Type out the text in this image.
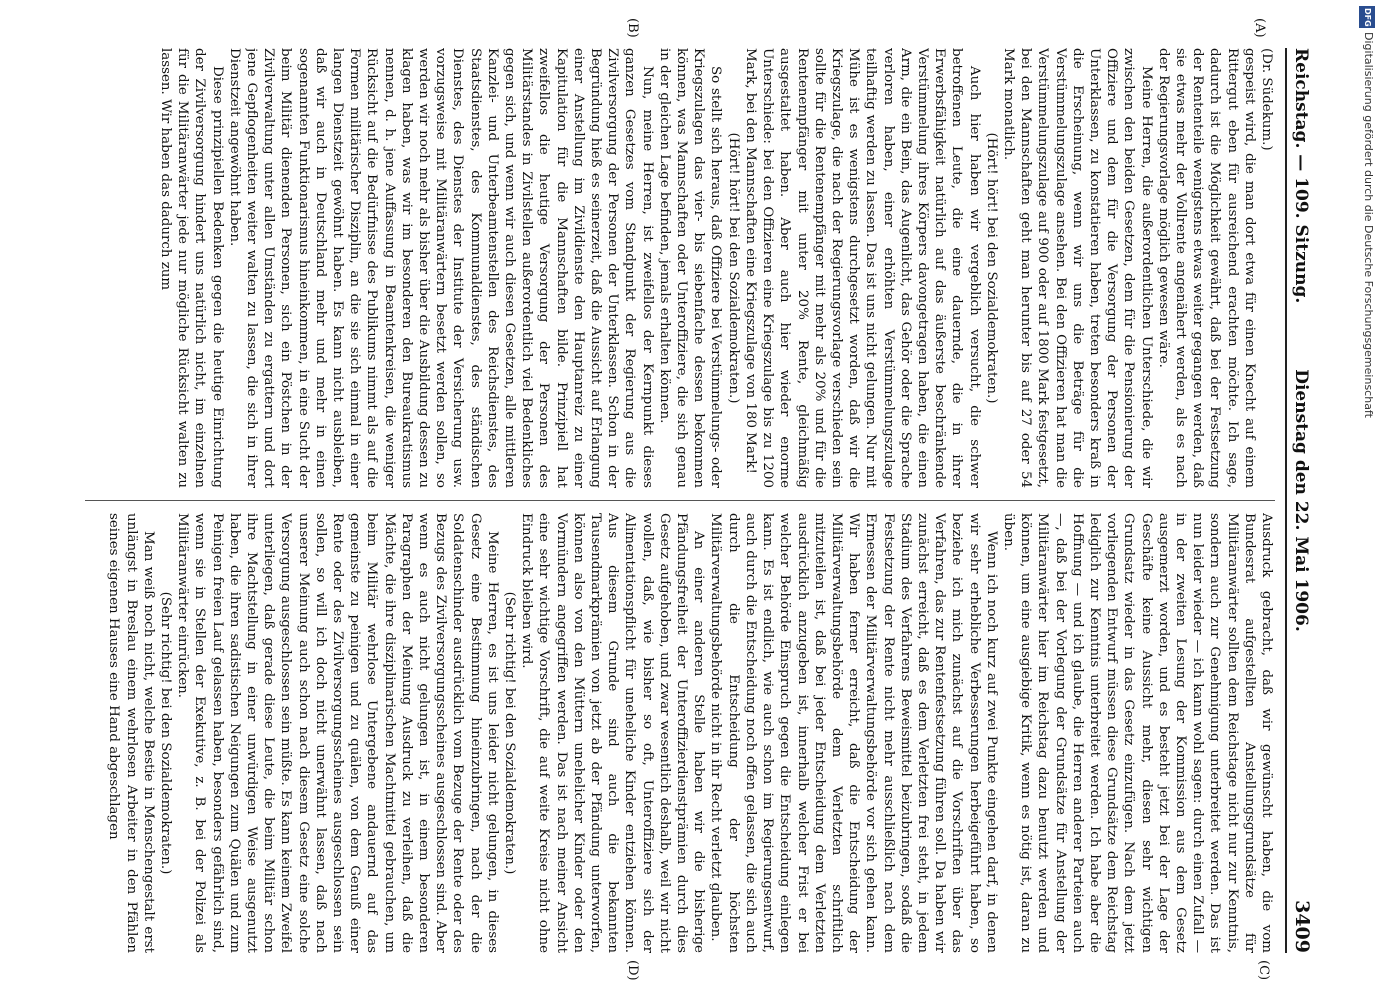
Reichstag. — 109. Sitzung.
Dienstag den 22. Mai 1906.
3409
(A)
(B)
(C)
(D)

(Dr. Südekum.)

gespeist wird, die man dort etwa für einen Knecht auf einem Rittergut eben für ausreichend erachten möchte. Ich sage, dadurch ist die Möglichkeit gewährt, daß bei der Festsetzung der Rententeile wenigstens etwas weiter gegangen werden, daß sie etwas mehr der Vollrente angenähert werden, als es nach der Regierungsvorlage möglich gewesen wäre.

Meine Herren, die außerordentlichen Unterschiede, die wir zwischen den beiden Gesetzen, dem für die Pensionierung der Offiziere und dem für die Versorgung der Personen der Unterklassen, zu konstatieren haben, treten besonders kraß in die Erscheinung, wenn wir uns die Beträge für die Verstümmelungszulage ansehen. Bei den Offizieren hat man die Verstümmelungszulage auf 900 oder auf 1800 Mark festgesetzt, bei den Mannschaften geht man herunter bis auf 27 oder 54 Mark monatlich.

(Hört! hört! bei den Sozialdemokraten.)

Auch hier haben wir vergeblich versucht, die schwer betroffenen Leute, die eine dauernde, die in ihrer Erwerbsfähigkeit natürlich auf das äußerste beschränkende Verstümmelung ihres Körpers davongetragen haben, die einen Arm, die ein Bein, das Augenlicht, das Gehör oder die Sprache verloren haben, einer erhöhten Verstümmelungszulage teilhaftig werden zu lassen. Das ist uns nicht gelungen. Nur mit Mühe ist es wenigstens durchgesetzt worden, daß wir die Kriegszulage, die nach der Regierungsvorlage verschieden sein sollte für die Rentenempfänger mit mehr als 20% und für die Rentenempfänger mit unter 20% Rente, gleichmäßig ausgestaltet haben. Aber auch hier wieder enorme Unterschiede: bei den Offizieren eine Kriegszulage bis zu 1200 Mark, bei den Mannschaften eine Kriegszulage von 180 Mark!

(Hört! hört! bei den Sozialdemokraten.)

So stellt sich heraus, daß Offiziere bei Verstümmelungs- oder Kriegszulagen das vier- bis siebenfache dessen bekommen können, was Mannschaften oder Unteroffiziere, die sich genau in der gleichen Lage befinden, jemals erhalten können.

Nun, meine Herren, ist zweifellos der Kernpunkt dieses ganzen Gesetzes vom Standpunkt der Regierung aus die Zivilversorgung der Personen der Unterklassen. Schon in der Begründung hieß es seinerzeit, daß die Aussicht auf Erlangung einer Anstellung im Zivildienste den Hauptanreiz zu einer Kapitulation für die Mannschaften bilde. Prinzipiell hat zweifellos die heutige Versorgung der Personen des Militärstandes in Zivilstellen außerordentlich viel Bedenkliches gegen sich, und wenn wir auch diesen Gesetzen, alle mittleren Kanzlei- und Unterbeamtenstellen des Reichsdienstes, des Staatsdienstes, des Kommunaldienstes, des ständischen Dienstes, des Dienstes der Institute der Versicherung usw. vorzugsweise mit Militäranwärtern besetzt werden sollen, so werden wir noch mehr als bisher über die Ausbildung dessen zu klagen haben, was wir im besonderen den Bureaukratismus nennen, d. h. jene Auffassung in Beamtenkreisen, die weniger Rücksicht auf die Bedürfnisse des Publikums nimmt als auf die Formen militärischer Disziplin, an die sie sich einmal in einer langen Dienstzeit gewöhnt haben. Es kann nicht ausbleiben, daß wir auch in Deutschland mehr und mehr in einen sogenannten Funktionarismus hineinkommen, in eine Sucht der beim Militär dienenden Personen, sich ein Pöstchen in der Zivilverwaltung unter allen Umständen zu ergattern und dort jene Gepflogenheiten weiter walten zu lassen, die sich in ihrer Dienstzeit angewöhnt haben.

Diese prinzipiellen Bedenken gegen die heutige Einrichtung der Zivilversorgung hindert uns natürlich nicht, im einzelnen für die Militäranwärter jede nur mögliche Rücksicht walten zu lassen. Wir haben das dadurch zum

Ausdruck gebracht, daß wir gewünscht haben, die vom Bundesrat aufgestellten Anstellungsgrundsätze für Militäranwärter sollten dem Reichstage nicht nur zur Kenntnis, sondern auch zur Genehmigung unterbreitet werden. Das ist nun leider wieder — ich kann wohl sagen: durch einen Zufall — in der zweiten Lesung der Kommission aus dem Gesetz ausgemerzt worden, und es besteht jetzt bei der Lage der Geschäfte keine Aussicht mehr, diesen sehr wichtigen Grundsatz wieder in das Gesetz einzufügen. Nach dem jetzt vorliegenden Entwurf müssen diese Grundsätze dem Reichstag lediglich zur Kenntnis unterbreitet werden. Ich habe aber die Hoffnung — und ich glaube, die Herren anderer Parteien auch —, daß bei der Vorlegung der Grundsätze für Anstellung der Militäranwärter hier im Reichstag dazu benutzt werden und können, um eine ausgiebige Kritik, wenn es nötig ist, daran zu üben.

Wenn ich noch kurz auf zwei Punkte eingehen darf, in denen wir sehr erhebliche Verbesserungen herbeigeführt haben, so beziehe ich mich zunächst auf die Vorschriften über das Verfahren, das zur Rentenfestsetzung führen soll. Da haben wir zunächst erreicht, daß es dem Verletzten frei steht, in jedem Stadium des Verfahrens Beweismittel beizubringen, sodaß die Festsetzung der Rente nicht mehr ausschließlich nach dem Ermessen der Militärverwaltungsbehörde vor sich gehen kann. Wir haben ferner erreicht, daß die Entscheidung der Militärverwaltungsbehörde dem Verletzten schriftlich mitzuteilen ist, daß bei jeder Entscheidung dem Verletzten ausdrücklich anzugeben ist, innerhalb welcher Frist er bei welcher Behörde Einspruch gegen die Entscheidung einlegen kann. Es ist endlich, wie auch schon im Regierungsentwurf, auch durch die Entscheidung noch offen gelassen, die sich auch durch die Entscheidung der höchsten Militärverwaltungsbehörde nicht in ihr Recht verletzt glauben.

An einer anderen Stelle haben wir die bisherige Pfändungsfreiheit der Unteroffizierdienstprämien durch dies Gesetz aufgehoben, und zwar wesentlich deshalb, weil wir nicht wollen, daß, wie bisher so oft, Unteroffiziere sich der Alimentationspflicht für uneheliche Kinder entziehen können. Aus diesem Grunde sind auch die bekannten Tausendmarkprämien von jetzt ab der Pfändung unterworfen, können also von den Müttern unehelicher Kinder oder den Vormündern angegriffen werden. Das ist nach meiner Ansicht eine sehr wichtige Vorschrift, die auf weite Kreise nicht ohne Eindruck bleiben wird.

(Sehr richtig! bei den Sozialdemokraten.)

Meine Herren, es ist uns leider nicht gelungen, in dieses Gesetz eine Bestimmung hineinzubringen, nach der die Soldatenschinder ausdrücklich vom Bezuge der Rente oder des Bezugs des Zivilversorgungsscheines ausgeschlossen sind. Aber wenn es auch nicht gelungen ist, in einem besonderen Paragraphen der Meinung Ausdruck zu verleihen, daß die Mächte, die ihre disziplinarischen Machtmittel gebrauchen, um beim Militär wehrlose Untergebene andauernd auf das gemeinste zu peinigen und zu quälen, von dem Genuß einer Rente oder des Zivilversorgungsscheines ausgeschlossen sein sollen, so will ich doch nicht unerwähnt lassen, daß nach unserer Meinung auch schon nach diesem Gesetz eine solche Versorgung ausgeschlossen sein müßte. Es kann keinem Zweifel unterliegen, daß gerade diese Leute, die beim Militär schon ihre Machtstellung in einer unwürdigen Weise ausgenutzt haben, die ihren sadistischen Neigungen zum Quälen und zum Peinigen freien Lauf gelassen haben, besonders gefährlich sind, wenn sie in Stellen der Exekutive, z. B. bei der Polizei als Militäranwärter einrücken.

(Sehr richtig! bei den Sozialdemokraten.)

Man weiß noch nicht, welche Bestie in Menschengestalt erst unlängst in Breslau einem wehrlosen Arbeiter in den Pfählen seines eigenen Hauses eine Hand abgeschlagen

Digitalisierung gefördert durch die Deutsche Forschungsgemeinschaft
DFG
